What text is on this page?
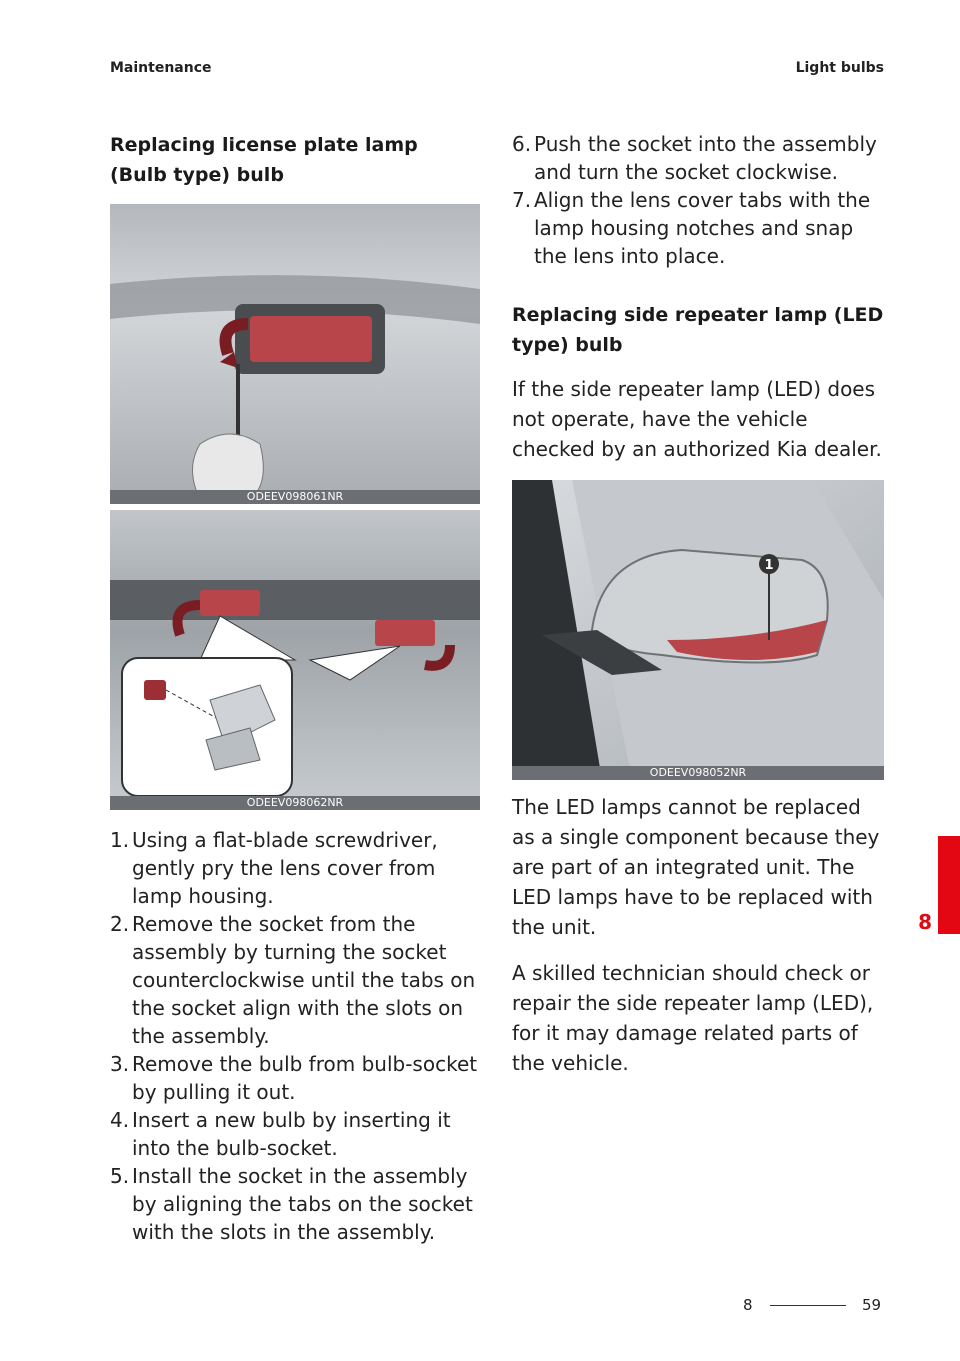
Maintenance	Light bulbs
Replacing license plate lamp (Bulb type) bulb
ODEEV098061NR
ODEEV098062NR
1. Using a flat-blade screwdriver, gently pry the lens cover from lamp housing.
2. Remove the socket from the assembly by turning the socket counterclockwise until the tabs on the socket align with the slots on the assembly.
3. Remove the bulb from bulb-socket by pulling it out.
4. Insert a new bulb by inserting it into the bulb-socket.
5. Install the socket in the assembly by aligning the tabs on the socket with the slots in the assembly.
6. Push the socket into the assembly and turn the socket clockwise.
7. Align the lens cover tabs with the lamp housing notches and snap the lens into place.
Replacing side repeater lamp (LED type) bulb

If the side repeater lamp (LED) does not operate, have the vehicle checked by an authorized Kia dealer.

1
ODEEV098052NR

The LED lamps cannot be replaced as a single component because they are part of an integrated unit. The LED lamps have to be replaced with the unit.

A skilled technician should check or repair the side repeater lamp (LED), for it may damage related parts of the vehicle.

8
8	59
